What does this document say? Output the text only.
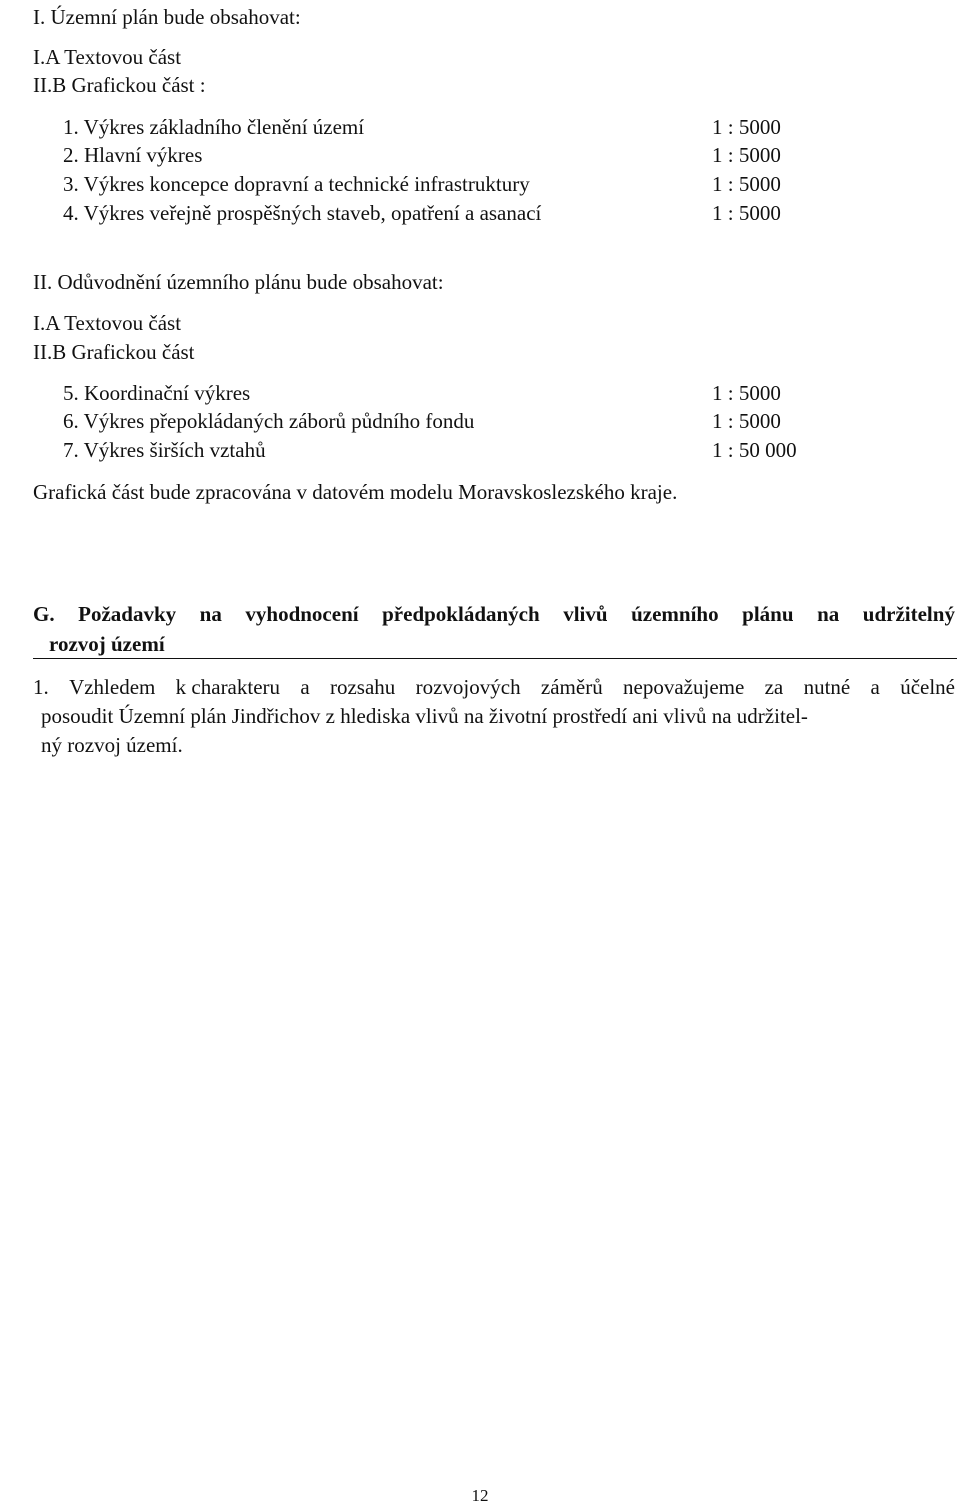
I. Územní plán bude obsahovat:
I.A Textovou část
II.B Grafickou část :
1. Výkres základního členění území	1 : 5000
2. Hlavní výkres	1 : 5000
3. Výkres koncepce dopravní a technické infrastruktury	1 : 5000
4. Výkres veřejně prospěšných staveb, opatření a asanací	1 : 5000
II. Odůvodnění územního plánu bude obsahovat:
I.A Textovou část
II.B Grafickou část
5. Koordinační výkres	1 : 5000
6. Výkres přepokládaných záborů půdního fondu	1 : 5000
7. Výkres širších vztahů	1 : 50 000
Grafická část bude zpracována v datovém modelu Moravskoslezského kraje.
G. Požadavky na vyhodnocení předpokládaných vlivů územního plánu na udržitelný
rozvoj území
1. Vzhledem k charakteru a rozsahu rozvojových záměrů nepovažujeme za nutné a účelné
posoudit Územní plán Jindřichov z hlediska vlivů na životní prostředí ani vlivů na udržitel-
ný rozvoj území.
12
